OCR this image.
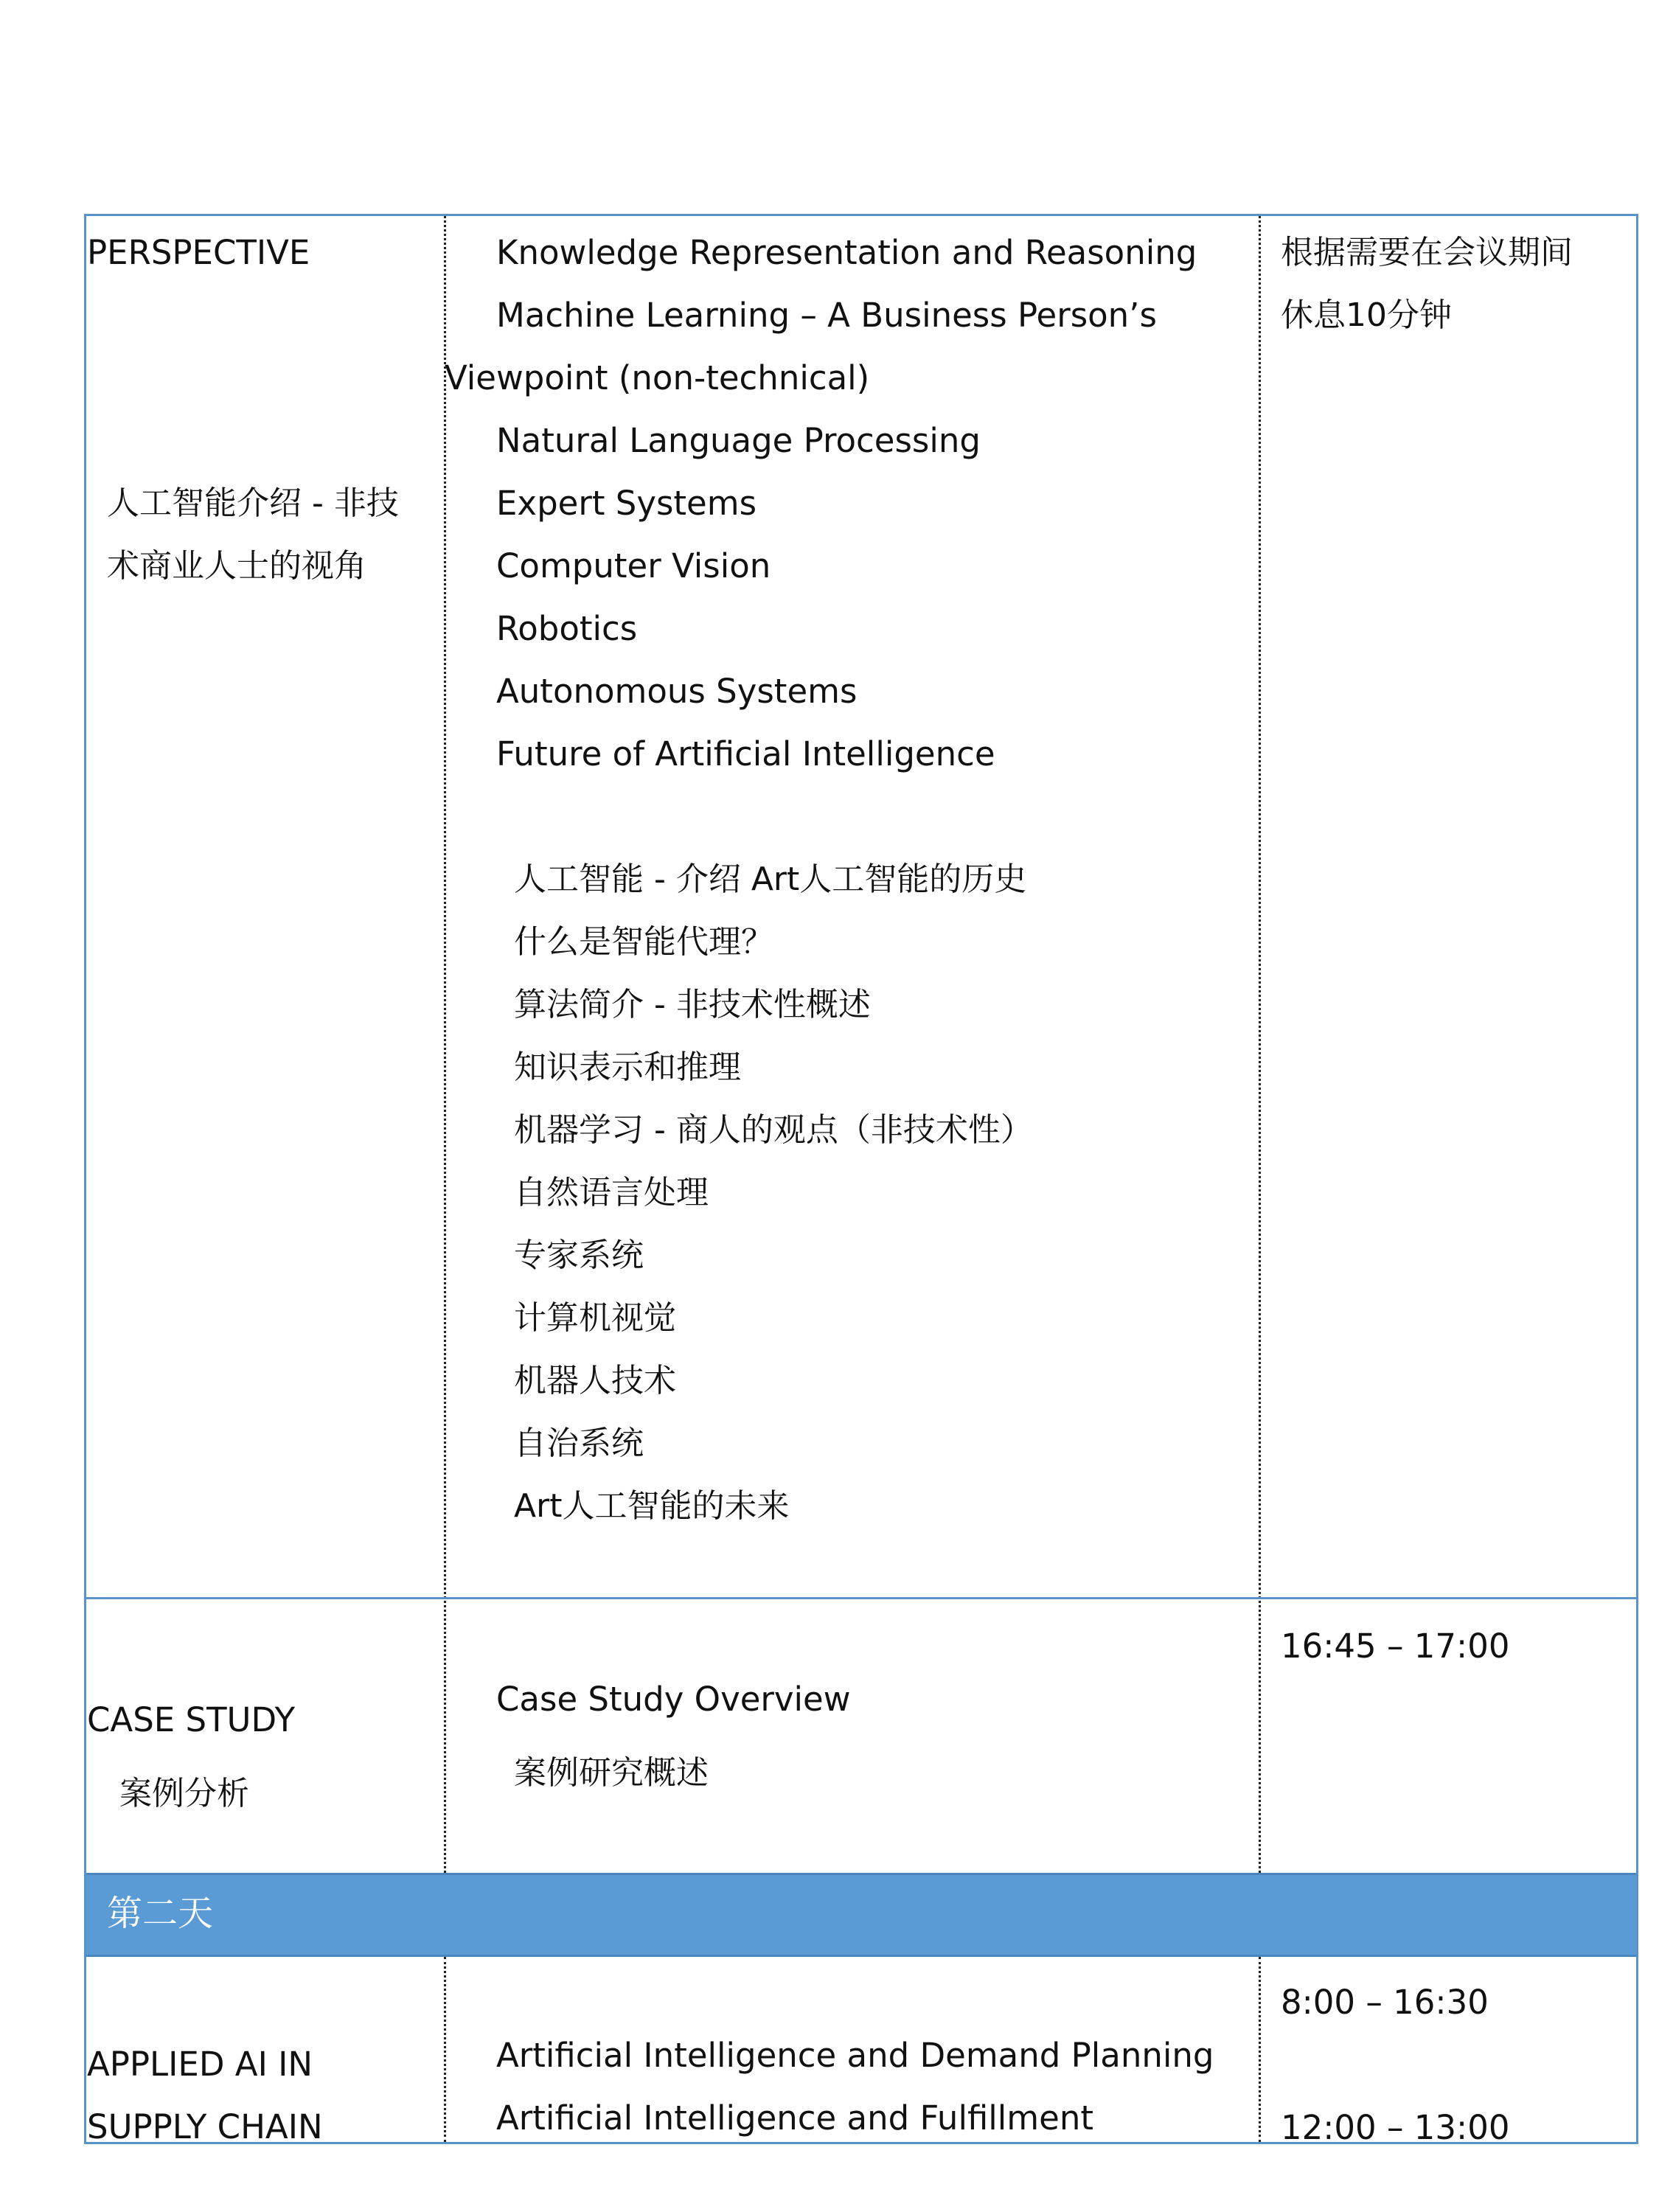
PERSPECTIVE
人工智能介绍 - 非技
术商业人士的视角
Knowledge Representation and Reasoning
Machine Learning – A Business Person’s
Viewpoint (non-technical)
Natural Language Processing
Expert Systems
Computer Vision
Robotics
Autonomous Systems
Future of Artificial Intelligence
人工智能 - 介绍 Art人工智能的历史
什么是智能代理？
算法简介 - 非技术性概述
知识表示和推理
机器学习 - 商人的观点（非技术性）
自然语言处理
专家系统
计算机视觉
机器人技术
自治系统
Art人工智能的未来
根据需要在会议期间
休息10分钟
CASE STUDY
案例分析
Case Study Overview
案例研究概述
16:45 – 17:00
第二天
APPLIED AI IN
SUPPLY CHAIN
Artificial Intelligence and Demand Planning
Artificial Intelligence and Fulfillment
8:00 – 16:30
12:00 – 13:00
